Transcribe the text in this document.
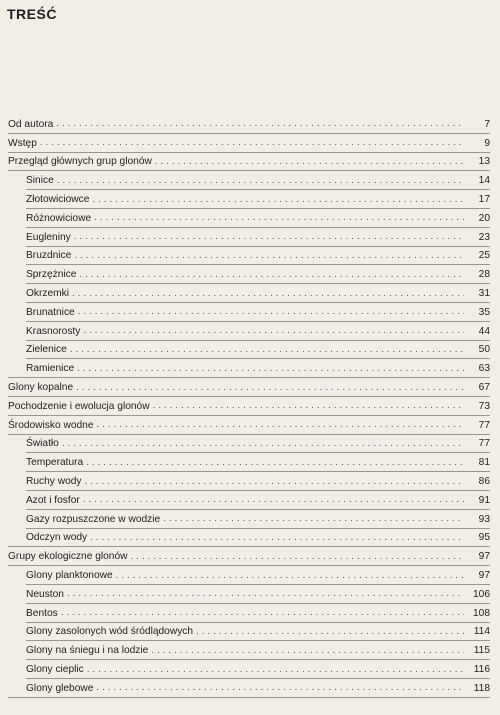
TREŚĆ
Od autora . . .	7
Wstęp . . .	9
Przegląd głównych grup glonów . . .	13
Sinice . . .	14
Złotowiciowce . . .	17
Różnowiciowe . . .	20
Eugleniny . . .	23
Bruzdnice . . .	25
Sprzężnice . . .	28
Okrzemki . . .	31
Brunatnice . . .	35
Krasnorosty . . .	44
Zielenice . . .	50
Ramienice . . .	63
Glony kopalne . . .	67
Pochodzenie i ewolucja glonów . . .	73
Środowisko wodne . . .	77
Światło . . .	77
Temperatura . . .	81
Ruchy wody . . .	86
Azot i fosfor . . .	91
Gazy rozpuszczone w wodzie . . .	93
Odczyn wody . . .	95
Grupy ekologiczne glonów . . .	97
Glony planktonowe . . .	97
Neuston . . .	106
Bentos . . .	108
Glony zasolonych wód śródlądowych . . .	114
Glony na śniegu i na lodzie . . .	115
Glony cieplic . . .	116
Glony glebowe . . .	118
